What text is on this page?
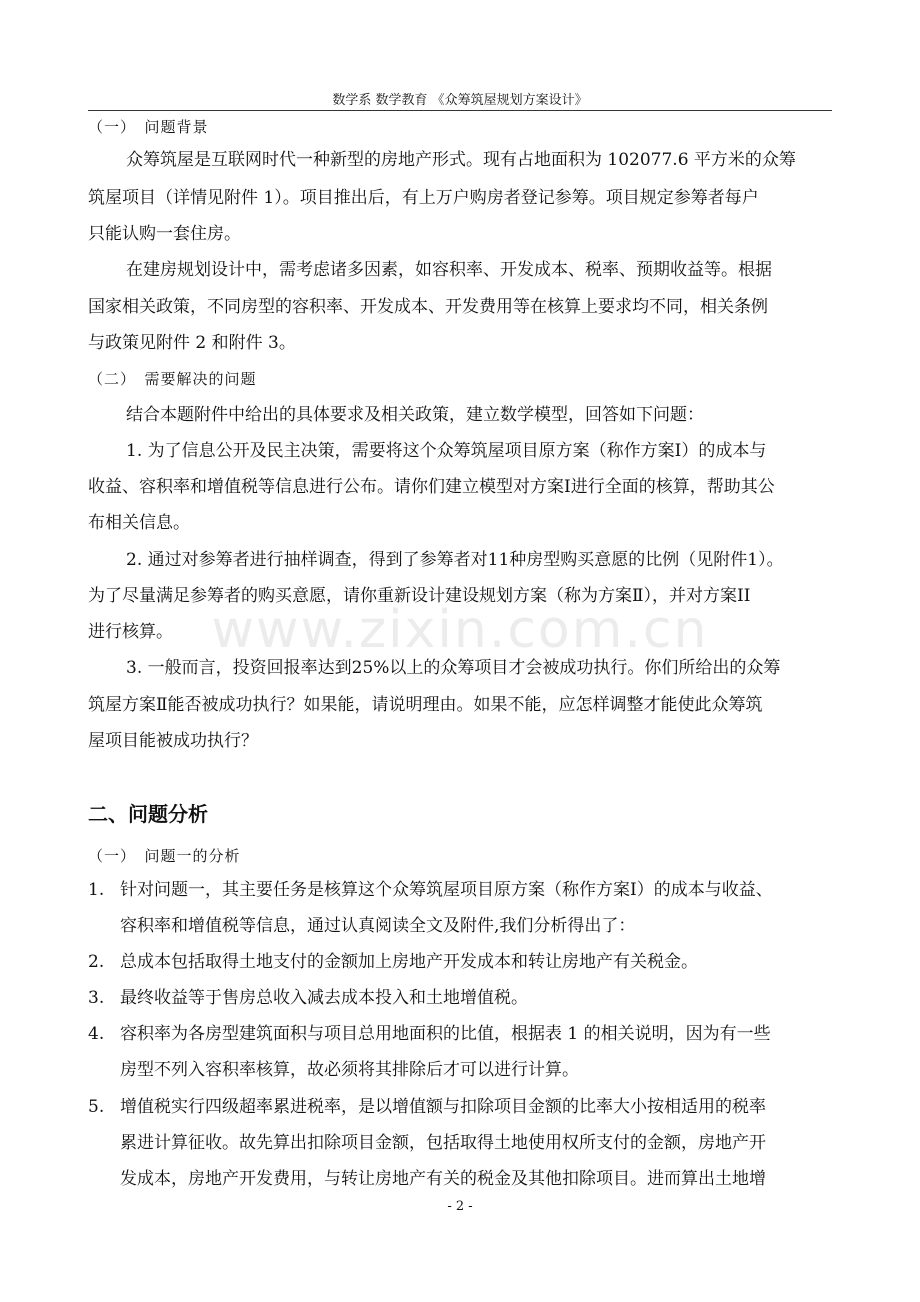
数学系 数学教育 《众筹筑屋规划方案设计》
www.zixin.com.cn
（一）　问题背景
众筹筑屋是互联网时代一种新型的房地产形式。现有占地面积为 102077.6 平方米的众筹
筑屋项目（详情见附件 1）。项目推出后，有上万户购房者登记参筹。项目规定参筹者每户
只能认购一套住房。
在建房规划设计中，需考虑诸多因素，如容积率、开发成本、税率、预期收益等。根据
国家相关政策，不同房型的容积率、开发成本、开发费用等在核算上要求均不同，相关条例
与政策见附件 2 和附件 3。
（二）　需要解决的问题
结合本题附件中给出的具体要求及相关政策，建立数学模型，回答如下问题：
1. 为了信息公开及民主决策，需要将这个众筹筑屋项目原方案（称作方案Ⅰ）的成本与
收益、容积率和增值税等信息进行公布。请你们建立模型对方案I进行全面的核算，帮助其公
布相关信息。
2. 通过对参筹者进行抽样调查，得到了参筹者对11种房型购买意愿的比例（见附件1）。
为了尽量满足参筹者的购买意愿，请你重新设计建设规划方案（称为方案Ⅱ），并对方案II
进行核算。
3. 一般而言，投资回报率达到25%以上的众筹项目才会被成功执行。你们所给出的众筹
筑屋方案Ⅱ能否被成功执行？如果能，请说明理由。如果不能，应怎样调整才能使此众筹筑
屋项目能被成功执行？
二、问题分析
（一）　问题一的分析
1. 针对问题一，其主要任务是核算这个众筹筑屋项目原方案（称作方案Ⅰ）的成本与收益、
容积率和增值税等信息，通过认真阅读全文及附件,我们分析得出了：
2. 总成本包括取得土地支付的金额加上房地产开发成本和转让房地产有关税金。
3. 最终收益等于售房总收入减去成本投入和土地增值税。
4. 容积率为各房型建筑面积与项目总用地面积的比值，根据表 1 的相关说明，因为有一些
房型不列入容积率核算，故必须将其排除后才可以进行计算。
5. 增值税实行四级超率累进税率，是以增值额与扣除项目金额的比率大小按相适用的税率
累进计算征收。故先算出扣除项目金额，包括取得土地使用权所支付的金额，房地产开
发成本，房地产开发费用，与转让房地产有关的税金及其他扣除项目。进而算出土地增
- 2 -
